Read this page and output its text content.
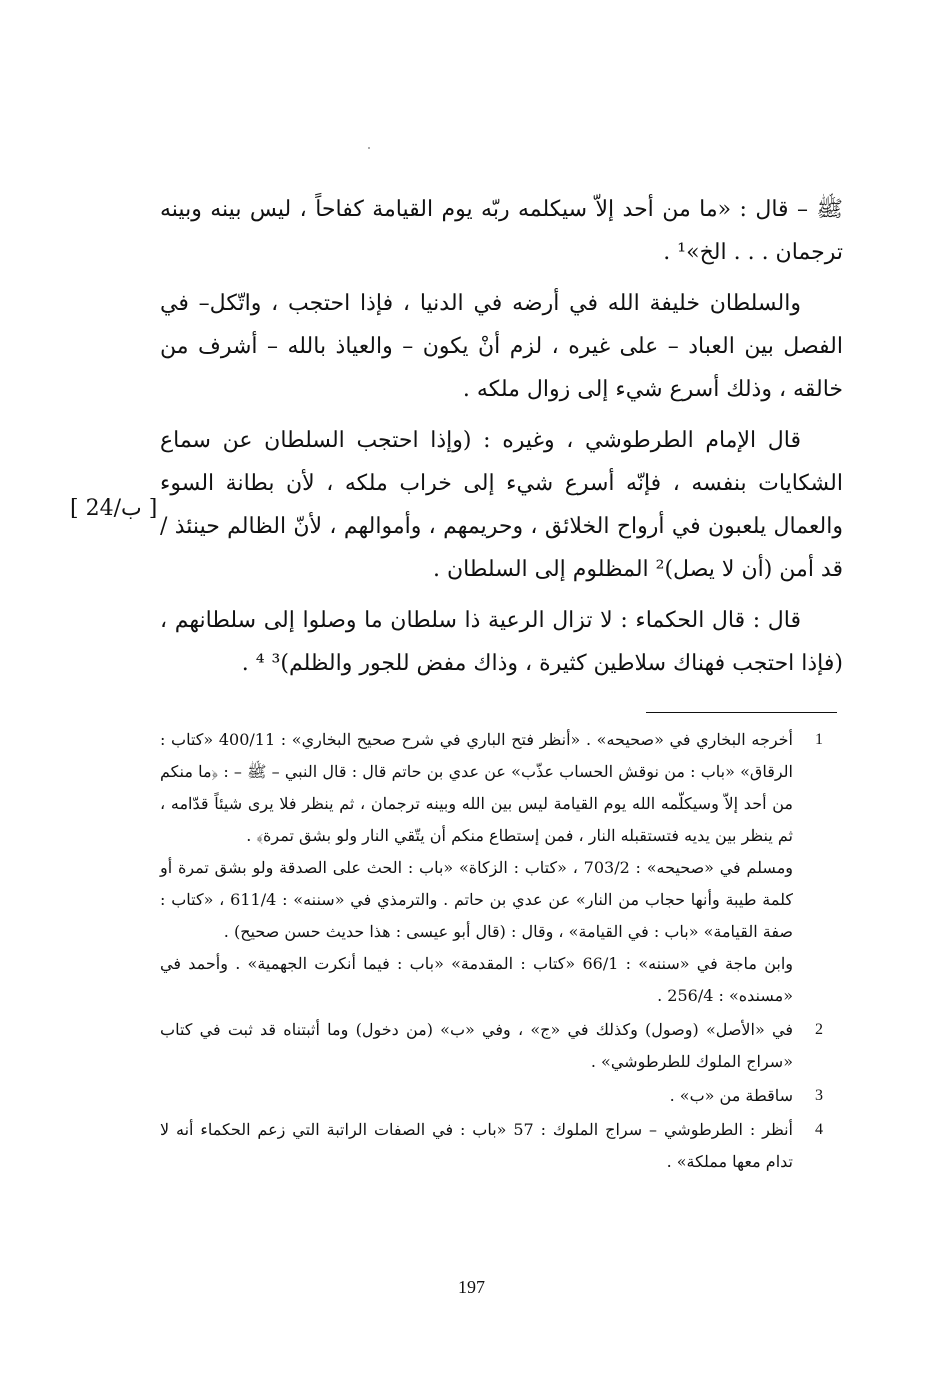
ﷺ – قال : «ما من أحد إلاّ سيكلمه ربّه يوم القيامة كفاحاً ، ليس بينه وبينه ترجمان . . . الخ»¹ .

والسلطان خليفة الله في أرضه في الدنيا ، فإذا احتجب ، واتّكل– في الفصل بين العباد – على غيره ، لزم أنْ يكون – والعياذ بالله – أشرف من خالقه ، وذلك أسرع شيء إلى زوال ملكه .

قال الإمام الطرطوشي ، وغيره : (وإذا احتجب السلطان عن سماع الشكايات بنفسه ، فإنّه أسرع شيء إلى خراب ملكه ، لأن بطانة السوء والعمال يلعبون في أرواح الخلائق ، وحريمهم ، وأموالهم ، لأنّ الظالم حينئذ / قد أمن (أن لا يصل)² المظلوم إلى السلطان .

قال : قال الحكماء : لا تزال الرعية ذا سلطان ما وصلوا إلى سلطانهم ، (فإذا احتجب فهناك سلاطين كثيرة ، وذاك مفض للجور والظلم)³ ⁴ .

[ 24/ب ]
1

أخرجه البخاري في «صحيحه» . «أنظر فتح الباري في شرح صحيح البخاري» : 400/11 «كتاب : الرقاق» «باب : من نوقش الحساب عذّب» عن عدي بن حاتم قال : قال النبي – ﷺ – : ﴿ما منكم من أحد إلاّ وسيكلّمه الله يوم القيامة ليس بين الله وبينه ترجمان ، ثم ينظر فلا يرى شيئاً قدّامه ، ثم ينظر بين يديه فتستقبله النار ، فمن إستطاع منكم أن يتّقي النار ولو بشق تمرة﴾ .

ومسلم في «صحيحه» : 703/2 ، «كتاب : الزكاة» «باب : الحث على الصدقة ولو بشق تمرة أو كلمة طيبة وأنها حجاب من النار» عن عدي بن حاتم . والترمذي في «سننه» : 611/4 ، «كتاب : صفة القيامة» «باب : في القيامة» ، وقال : (قال أبو عيسى : هذا حديث حسن صحيح) .

وابن ماجة في «سننه» : 66/1 «كتاب : المقدمة» «باب : فيما أنكرت الجهمية» . وأحمد في «مسنده» : 256/4 .

2

في «الأصل» (وصول) وكذلك في «ج» ، وفي «ب» (من دخول) وما أثبتناه قد ثبت في كتاب «سراج الملوك للطرطوشي» .

3

ساقطة من «ب» .

4

أنظر : الطرطوشي – سراج الملوك : 57 «باب : في الصفات الراتبة التي زعم الحكماء أنه لا تدام معها مملكة» .

197
